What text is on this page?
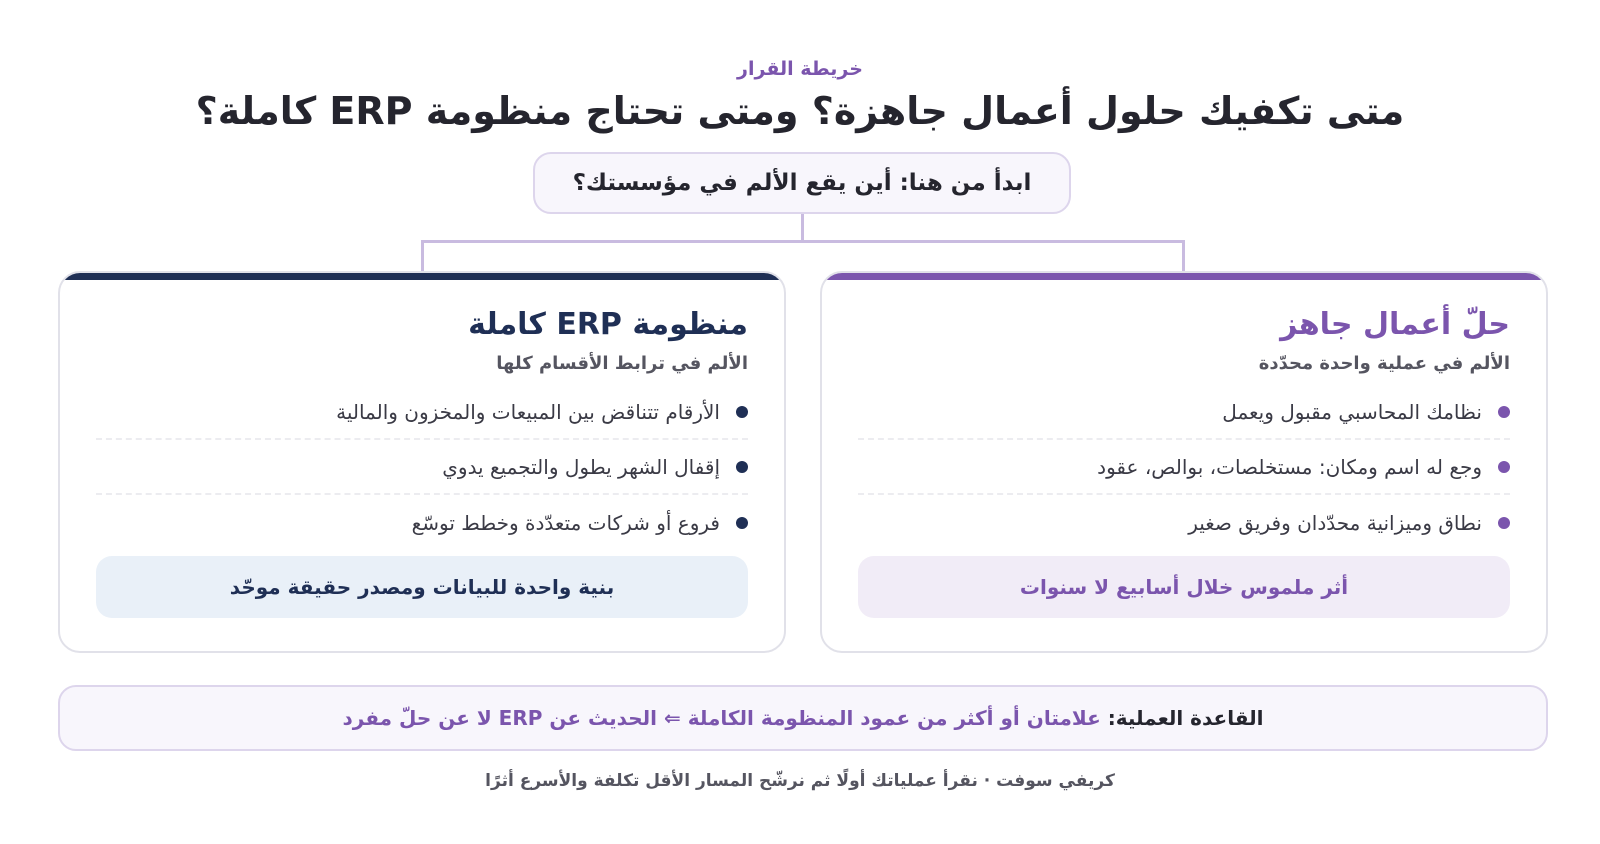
خريطة القرار
متى تكفيك حلول أعمال جاهزة؟ ومتى تحتاج منظومة ERP كاملة؟
ابدأ من هنا: أين يقع الألم في مؤسستك؟
منظومة ERP كاملة
الألم في ترابط الأقسام كلها
الأرقام تتناقض بين المبيعات والمخزون والمالية
إقفال الشهر يطول والتجميع يدوي
فروع أو شركات متعدّدة وخطط توسّع
بنية واحدة للبيانات ومصدر حقيقة موحّد
حلّ أعمال جاهز
الألم في عملية واحدة محدّدة
نظامك المحاسبي مقبول ويعمل
وجع له اسم ومكان: مستخلصات، بوالص، عقود
نطاق وميزانية محدّدان وفريق صغير
أثر ملموس خلال أسابيع لا سنوات
القاعدة العملية:

علامتان أو أكثر من عمود المنظومة الكاملة ⇐ الحديث عن ERP لا عن حلّ مفرد
كريفي سوفت · نقرأ عملياتك أولًا ثم نرشّح المسار الأقل تكلفة والأسرع أثرًا
